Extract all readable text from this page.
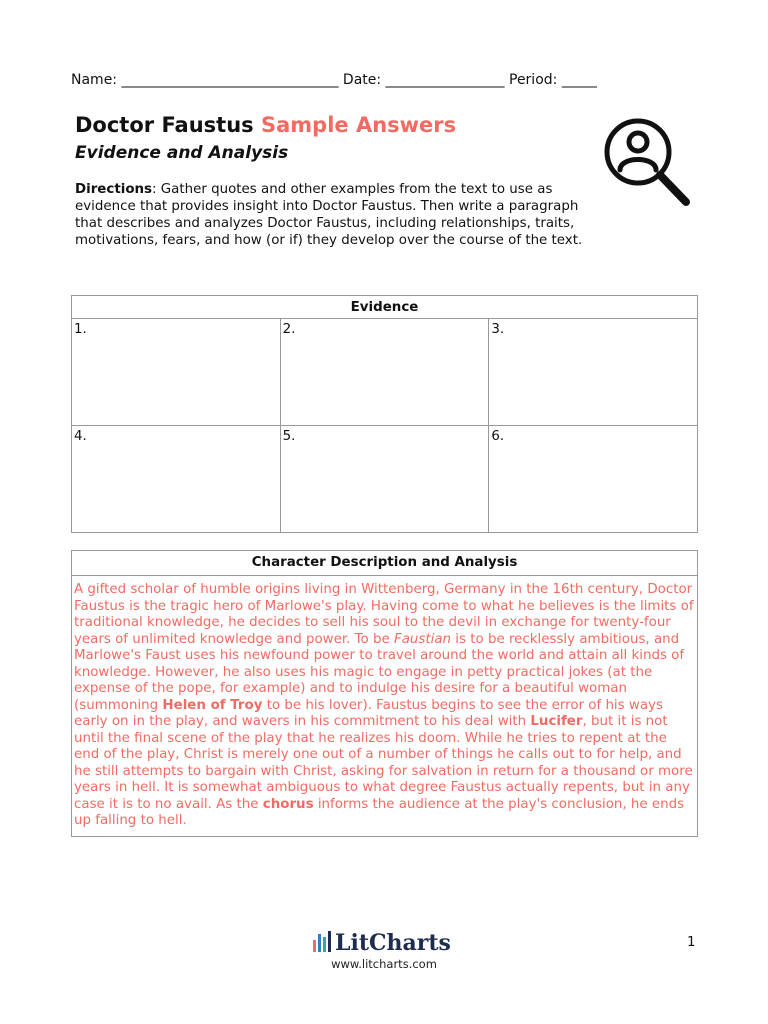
Name: _______________________________ Date: _________________ Period: _____
Doctor Faustus Sample Answers
Evidence and Analysis
Directions: Gather quotes and other examples from the text to use as evidence that provides insight into Doctor Faustus. Then write a paragraph that describes and analyzes Doctor Faustus, including relationships, traits, motivations, fears, and how (or if) they develop over the course of the text.
Evidence		
1.	2.	3.
4.	5.	6.
Character Description and Analysis
A gifted scholar of humble origins living in Wittenberg, Germany in the 16th century, Doctor Faustus is the tragic hero of Marlowe's play. Having come to what he believes is the limits of traditional knowledge, he decides to sell his soul to the devil in exchange for twenty-four years of unlimited knowledge and power. To be Faustian is to be recklessly ambitious, and Marlowe's Faust uses his newfound power to travel around the world and attain all kinds of knowledge. However, he also uses his magic to engage in petty practical jokes (at the expense of the pope, for example) and to indulge his desire for a beautiful woman (summoning Helen of Troy to be his lover). Faustus begins to see the error of his ways early on in the play, and wavers in his commitment to his deal with Lucifer, but it is not until the final scene of the play that he realizes his doom. While he tries to repent at the end of the play, Christ is merely one out of a number of things he calls out to for help, and he still attempts to bargain with Christ, asking for salvation in return for a thousand or more years in hell. It is somewhat ambiguous to what degree Faustus actually repents, but in any case it is to no avail. As the chorus informs the audience at the play's conclusion, he ends up falling to hell.
LitCharts
www.litcharts.com
1
